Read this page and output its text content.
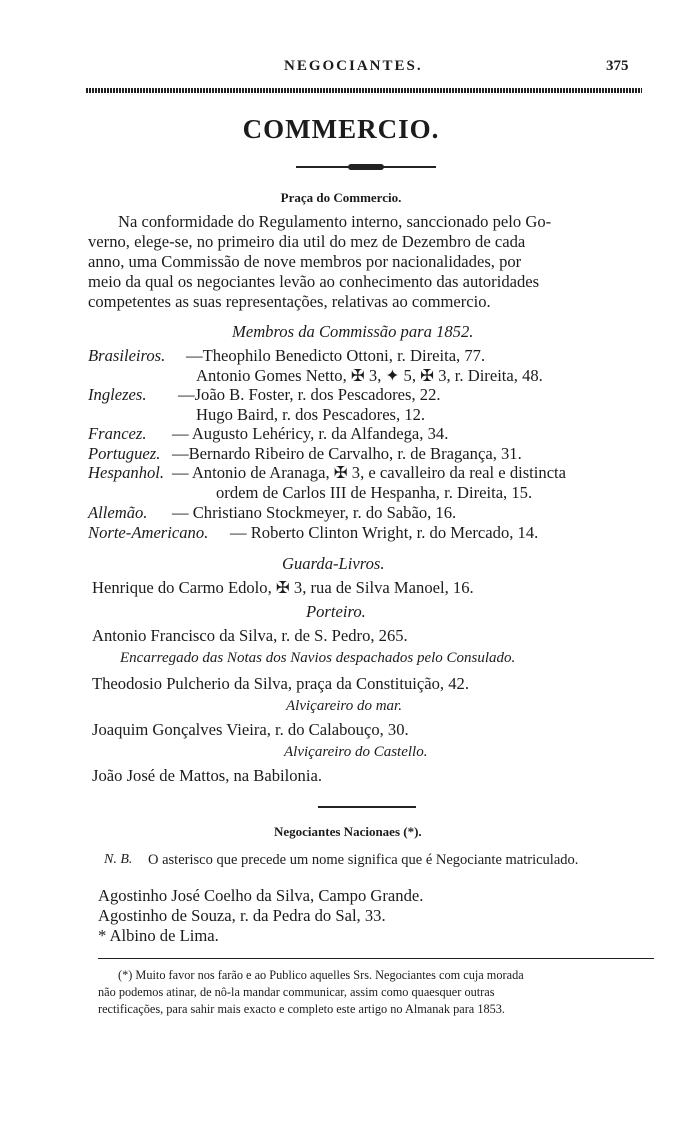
NEGOCIANTES.	375
COMMERCIO.
Praça do Commercio.
Na conformidade do Regulamento interno, sanccionado pelo Go-
verno, elege-se, no primeiro dia util do mez de Dezembro de cada
anno, uma Commissão de nove membros por nacionalidades, por
meio da qual os negociantes levão ao conhecimento das autoridades
competentes as suas representações, relativas ao commercio.
Membros da Commissão para 1852.
Brasileiros. —Theophilo Benedicto Ottoni, r. Direita, 77.
Antonio Gomes Netto, ✠ 3, ✦ 5, ✠ 3, r. Direita, 48.
Inglezes. —João B. Foster, r. dos Pescadores, 22.
Hugo Baird, r. dos Pescadores, 12.
Francez. — Augusto Lehéricy, r. da Alfandega, 34.
Portuguez. —Bernardo Ribeiro de Carvalho, r. de Bragança, 31.
Hespanhol. — Antonio de Aranaga, ✠ 3, e cavalleiro da real e distincta
ordem de Carlos III de Hespanha, r. Direita, 15.
Allemão. — Christiano Stockmeyer, r. do Sabão, 16.
Norte-Americano. — Roberto Clinton Wright, r. do Mercado, 14.
Guarda-Livros.
Henrique do Carmo Edolo, ✠ 3, rua de Silva Manoel, 16.
Porteiro.
Antonio Francisco da Silva, r. de S. Pedro, 265.
Encarregado das Notas dos Navios despachados pelo Consulado.
Theodosio Pulcherio da Silva, praça da Constituição, 42.
Alviçareiro do mar.
Joaquim Gonçalves Vieira, r. do Calabouço, 30.
Alviçareiro do Castello.
João José de Mattos, na Babilonia.
Negociantes Nacionaes (*).
N. B. O asterisco que precede um nome significa que é Negociante matriculado.
Agostinho José Coelho da Silva, Campo Grande.
Agostinho de Souza, r. da Pedra do Sal, 33.
* Albino de Lima.
(*) Muito favor nos farão e ao Publico aquelles Srs. Negociantes com cuja morada
não podemos atinar, de nô-la mandar communicar, assim como quaesquer outras
rectificações, para sahir mais exacto e completo este artigo no Almanak para 1853.
